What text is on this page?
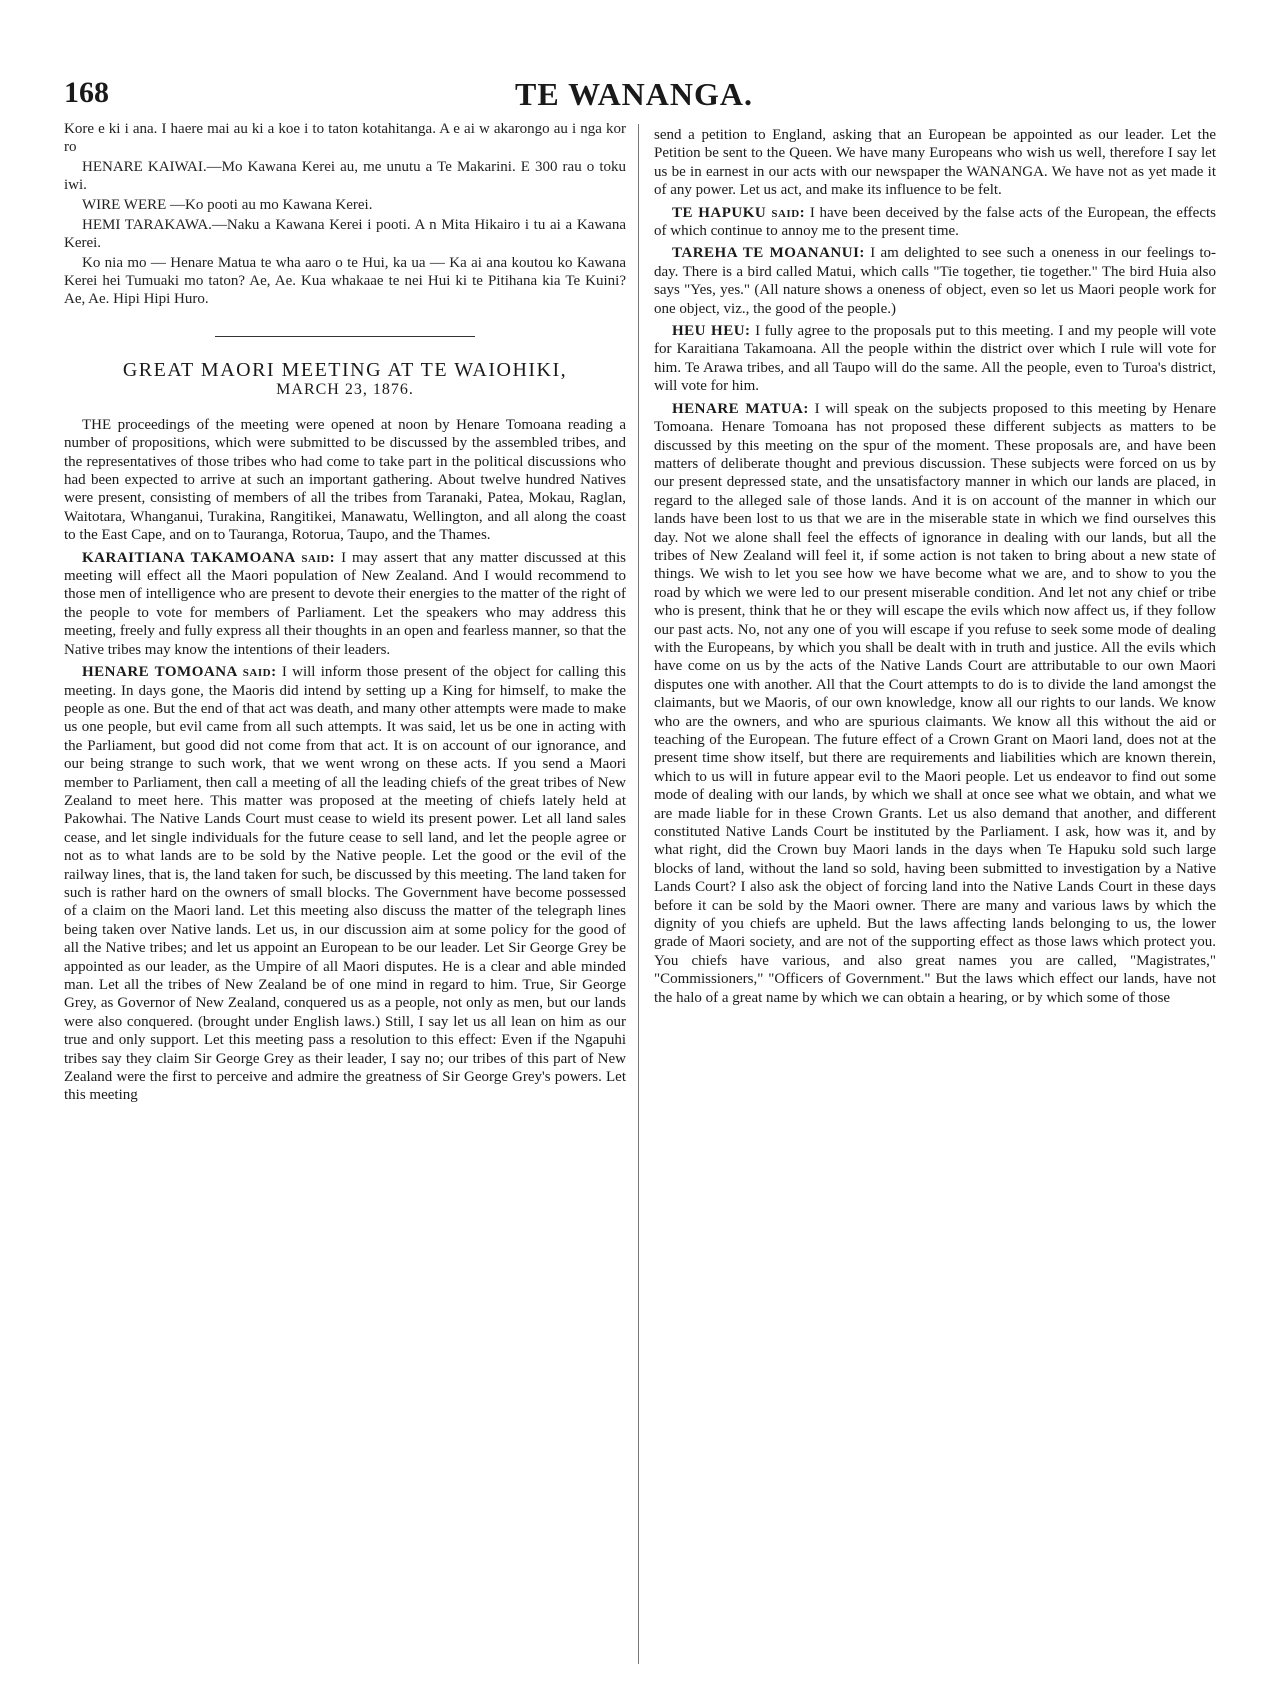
168	TE WANANGA.

Kore e ki i ana. I haere mai au ki a koe i to taton kotahitanga. A e ai w akarongo au i nga kor ro

HENARE KAIWAI.—Mo Kawana Kerei au, me unutu a Te Makarini. E 300 rau o toku iwi.

WIRE WERE —Ko pooti au mo Kawana Kerei.

HEMI TARAKAWA.—Naku a Kawana Kerei i pooti. A n Mita Hikairo i tu ai a Kawana Kerei.

Ko nia mo — Henare Matua te wha aaro o te Hui, ka ua — Ka ai ana koutou ko Kawana Kerei hei Tumuaki mo taton? Ae, Ae. Kua whakaae te nei Hui ki te Pitihana kia Te Kuini? Ae, Ae. Hipi Hipi Huro.

GREAT MAORI MEETING AT TE WAIOHIKI,
MARCH 23, 1876.

THE proceedings of the meeting were opened at noon by Henare Tomoana reading a number of propositions, which were submitted to be discussed by the assembled tribes, and the representatives of those tribes who had come to take part in the political discussions who had been expected to arrive at such an important gathering. About twelve hundred Natives were present, consisting of members of all the tribes from Taranaki, Patea, Mokau, Raglan, Waitotara, Whanganui, Turakina, Rangitikei, Manawatu, Wellington, and all along the coast to the East Cape, and on to Tauranga, Rotorua, Taupo, and the Thames.

KARAITIANA TAKAMOANA said: I may assert that any matter discussed at this meeting will effect all the Maori population of New Zealand. And I would recommend to those men of intelligence who are present to devote their energies to the matter of the right of the people to vote for members of Parliament. Let the speakers who may address this meeting, freely and fully express all their thoughts in an open and fearless manner, so that the Native tribes may know the intentions of their leaders.

HENARE TOMOANA said: I will inform those present of the object for calling this meeting. In days gone, the Maoris did intend by setting up a King for himself, to make the people as one. But the end of that act was death, and many other attempts were made to make us one people, but evil came from all such attempts. It was said, let us be one in acting with the Parliament, but good did not come from that act. It is on account of our ignorance, and our being strange to such work, that we went wrong on these acts. If you send a Maori member to Parliament, then call a meeting of all the leading chiefs of the great tribes of New Zealand to meet here. This matter was proposed at the meeting of chiefs lately held at Pakowhai. The Native Lands Court must cease to wield its present power. Let all land sales cease, and let single individuals for the future cease to sell land, and let the people agree or not as to what lands are to be sold by the Native people. Let the good or the evil of the railway lines, that is, the land taken for such, be discussed by this meeting. The land taken for such is rather hard on the owners of small blocks. The Government have become possessed of a claim on the Maori land. Let this meeting also discuss the matter of the telegraph lines being taken over Native lands. Let us, in our discussion aim at some policy for the good of all the Native tribes; and let us appoint an European to be our leader. Let Sir George Grey be appointed as our leader, as the Umpire of all Maori disputes. He is a clear and able minded man. Let all the tribes of New Zealand be of one mind in regard to him. True, Sir George Grey, as Governor of New Zealand, conquered us as a people, not only as men, but our lands were also conquered. (brought under English laws.) Still, I say let us all lean on him as our true and only support. Let this meeting pass a resolution to this effect: Even if the Ngapuhi tribes say they claim Sir George Grey as their leader, I say no; our tribes of this part of New Zealand were the first to perceive and admire the greatness of Sir George Grey's powers. Let this meeting

send a petition to England, asking that an European be appointed as our leader. Let the Petition be sent to the Queen. We have many Europeans who wish us well, therefore I say let us be in earnest in our acts with our newspaper the WANANGA. We have not as yet made it of any power. Let us act, and make its influence to be felt.

TE HAPUKU said: I have been deceived by the false acts of the European, the effects of which continue to annoy me to the present time.

TAREHA TE MOANANUI: I am delighted to see such a oneness in our feelings to-day. There is a bird called Matui, which calls "Tie together, tie together." The bird Huia also says "Yes, yes." (All nature shows a oneness of object, even so let us Maori people work for one object, viz., the good of the people.)

HEU HEU: I fully agree to the proposals put to this meeting. I and my people will vote for Karaitiana Takamoana. All the people within the district over which I rule will vote for him. Te Arawa tribes, and all Taupo will do the same. All the people, even to Turoa's district, will vote for him.

HENARE MATUA: I will speak on the subjects proposed to this meeting by Henare Tomoana. Henare Tomoana has not proposed these different subjects as matters to be discussed by this meeting on the spur of the moment. These proposals are, and have been matters of deliberate thought and previous discussion. These subjects were forced on us by our present depressed state, and the unsatisfactory manner in which our lands are placed, in regard to the alleged sale of those lands. And it is on account of the manner in which our lands have been lost to us that we are in the miserable state in which we find ourselves this day. Not we alone shall feel the effects of ignorance in dealing with our lands, but all the tribes of New Zealand will feel it, if some action is not taken to bring about a new state of things. We wish to let you see how we have become what we are, and to show to you the road by which we were led to our present miserable condition. And let not any chief or tribe who is present, think that he or they will escape the evils which now affect us, if they follow our past acts. No, not any one of you will escape if you refuse to seek some mode of dealing with the Europeans, by which you shall be dealt with in truth and justice. All the evils which have come on us by the acts of the Native Lands Court are attributable to our own Maori disputes one with another. All that the Court attempts to do is to divide the land amongst the claimants, but we Maoris, of our own knowledge, know all our rights to our lands. We know who are the owners, and who are spurious claimants. We know all this without the aid or teaching of the European. The future effect of a Crown Grant on Maori land, does not at the present time show itself, but there are requirements and liabilities which are known therein, which to us will in future appear evil to the Maori people. Let us endeavor to find out some mode of dealing with our lands, by which we shall at once see what we obtain, and what we are made liable for in these Crown Grants. Let us also demand that another, and different constituted Native Lands Court be instituted by the Parliament. I ask, how was it, and by what right, did the Crown buy Maori lands in the days when Te Hapuku sold such large blocks of land, without the land so sold, having been submitted to investigation by a Native Lands Court? I also ask the object of forcing land into the Native Lands Court in these days before it can be sold by the Maori owner. There are many and various laws by which the dignity of you chiefs are upheld. But the laws affecting lands belonging to us, the lower grade of Maori society, and are not of the supporting effect as those laws which protect you. You chiefs have various, and also great names you are called, "Magistrates," "Commissioners," "Officers of Government." But the laws which effect our lands, have not the halo of a great name by which we can obtain a hearing, or by which some of those
